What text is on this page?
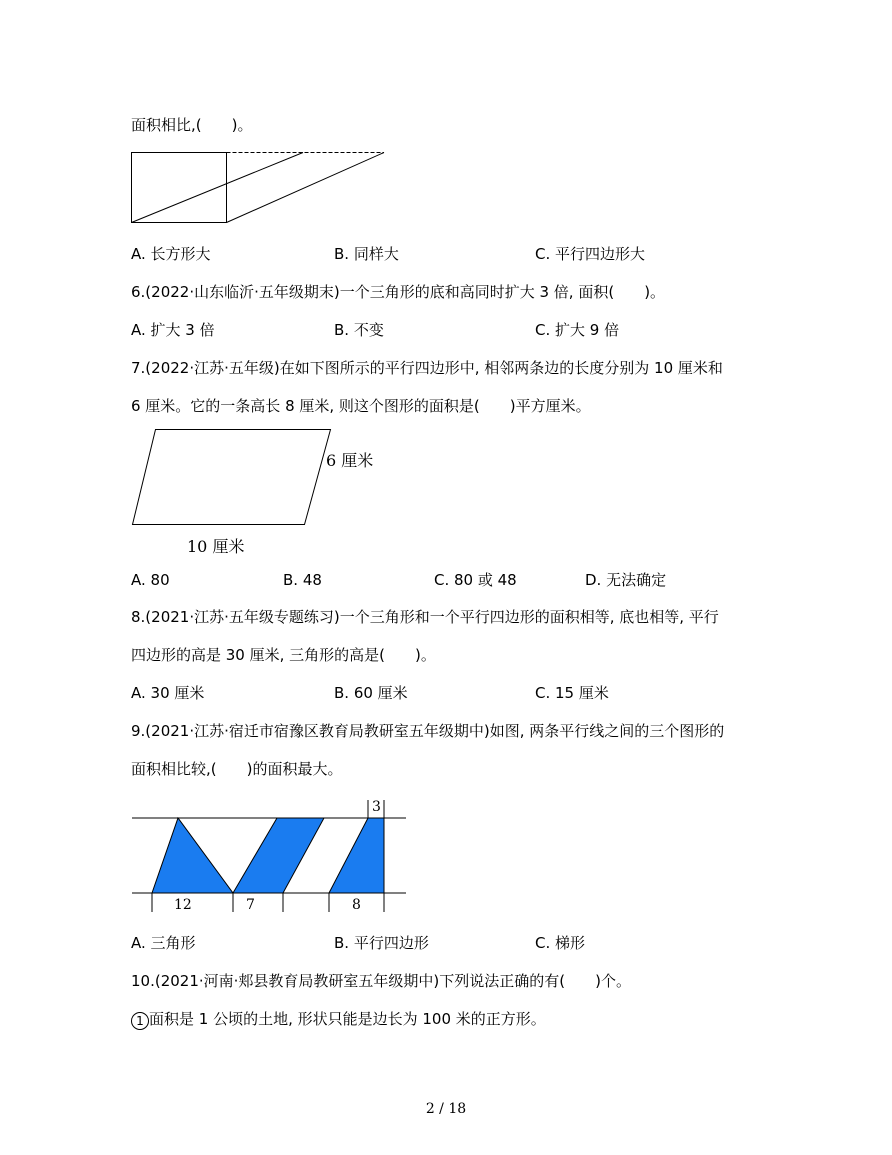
面积相比,(　　)。
A. 长方形大	B. 同样大	C. 平行四边形大
6.(2022·山东临沂·五年级期末)一个三角形的底和高同时扩大 3 倍, 面积(　　)。
A. 扩大 3 倍	B. 不变	C. 扩大 9 倍
7.(2022·江苏·五年级)在如下图所示的平行四边形中, 相邻两条边的长度分别为 10 厘米和
6 厘米。它的一条高长 8 厘米, 则这个图形的面积是(　　)平方厘米。
6 厘米
10 厘米
A. 80	B. 48	C. 80 或 48	D. 无法确定
8.(2021·江苏·五年级专题练习)一个三角形和一个平行四边形的面积相等, 底也相等, 平行
四边形的高是 30 厘米, 三角形的高是(　　)。
A. 30 厘米	B. 60 厘米	C. 15 厘米
9.(2021·江苏·宿迁市宿豫区教育局教研室五年级期中)如图, 两条平行线之间的三个图形的
面积相比较,(　　)的面积最大。
12	7	8
3
A. 三角形	B. 平行四边形	C. 梯形
10.(2021·河南·郏县教育局教研室五年级期中)下列说法正确的有(　　)个。
1 面积是 1 公顷的土地, 形状只能是边长为 100 米的正方形。
2 / 18
